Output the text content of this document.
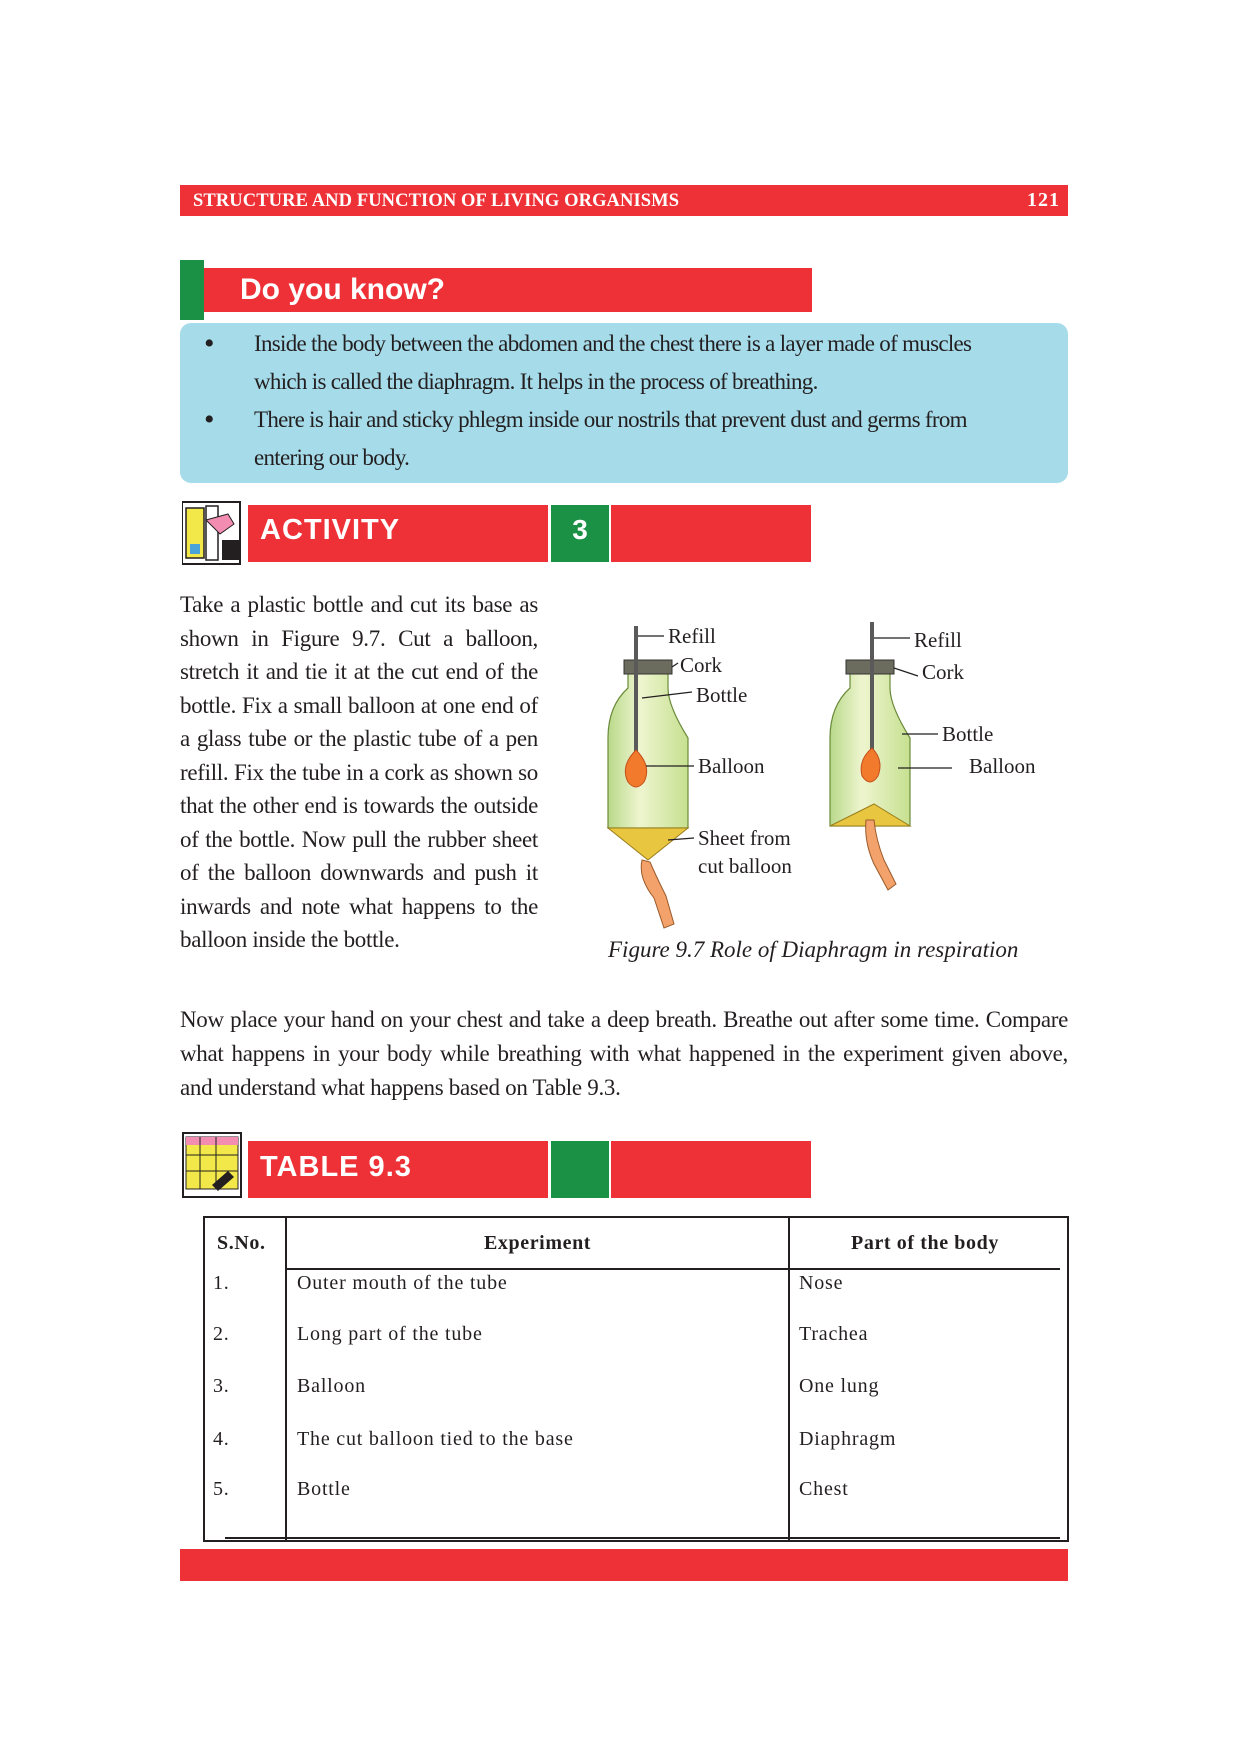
STRUCTURE AND FUNCTION OF LIVING ORGANISMS	121
Do you know?
• Inside the body between the abdomen and the chest there is a layer made of muscles
which is called the diaphragm. It helps in the process of breathing.
• There is hair and sticky phlegm inside our nostrils that prevent dust and germs from
entering our body.
ACTIVITY	3
Take a plastic bottle and cut its base as shown in Figure 9.7. Cut a balloon, stretch it and tie it at the cut end of the bottle. Fix a small balloon at one end of a glass tube or the plastic tube of a pen refill. Fix the tube in a cork as shown so that the other end is towards the outside of the bottle. Now pull the rubber sheet of the balloon downwards and push it inwards and note what happens to the balloon inside the bottle.
Refill
Cork
Bottle
Balloon
Sheet from
cut balloon
Refill
Cork
Bottle
Balloon
Figure 9.7 Role of Diaphragm in respiration
Now place your hand on your chest and take a deep breath. Breathe out after some time. Compare what happens in your body while breathing with what happened in the experiment given above, and understand what happens based on Table 9.3.
TABLE 9.3
S.No.	Experiment	Part of the body
1.	Outer mouth of the tube	Nose
2.	Long part of the tube	Trachea
3.	Balloon	One lung
4.	The cut balloon tied to the base	Diaphragm
5.	Bottle	Chest
